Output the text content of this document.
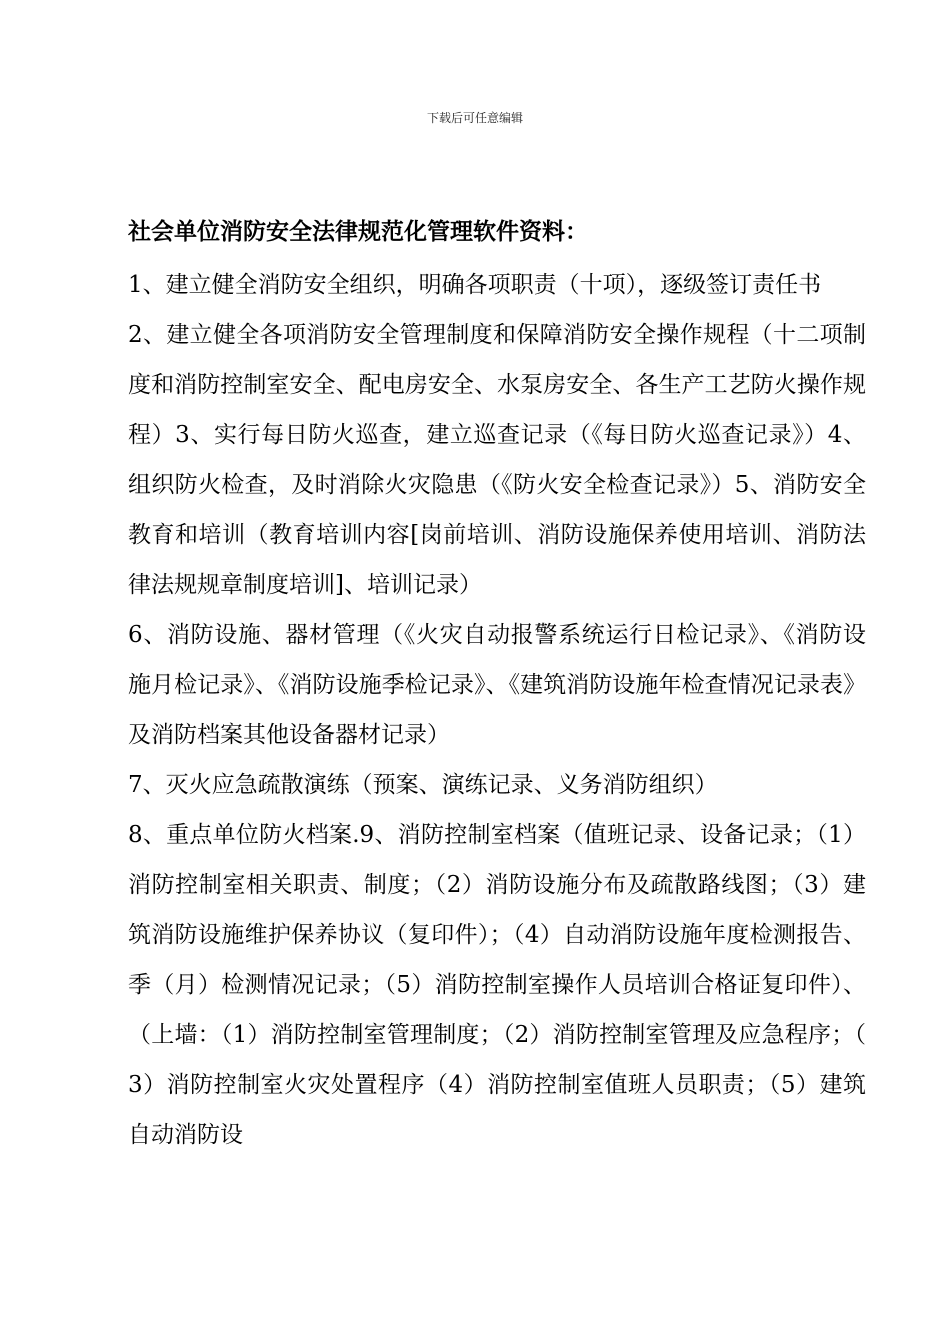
下载后可任意编辑
社会单位消防安全法律规范化管理软件资料：

1、建立健全消防安全组织，明确各项职责（十项），逐级签订责任书

2、建立健全各项消防安全管理制度和保障消防安全操作规程（十二项制度和消防控制室安全、配电房安全、水泵房安全、各生产工艺防火操作规程）3、实行每日防火巡查，建立巡查记录（《每日防火巡查记录》）4、组织防火检查，及时消除火灾隐患（《防火安全检查记录》）5、消防安全教育和培训（教育培训内容[岗前培训、消防设施保养使用培训、消防法律法规规章制度培训]、培训记录）

6、消防设施、器材管理（《火灾自动报警系统运行日检记录》、《消防设施月检记录》、《消防设施季检记录》、《建筑消防设施年检查情况记录表》及消防档案其他设备器材记录）

7、灭火应急疏散演练（预案、演练记录、义务消防组织）

8、重点单位防火档案.9、消防控制室档案（值班记录、设备记录；（1）消防控制室相关职责、制度；（2）消防设施分布及疏散路线图；（3）建筑消防设施维护保养协议（复印件）；（4）自动消防设施年度检测报告、季（月）检测情况记录；（5）消防控制室操作人员培训合格证复印件）、（上墙：（1）消防控制室管理制度；（2）消防控制室管理及应急程序；（3）消防控制室火灾处置程序（4）消防控制室值班人员职责；（5）建筑自动消防设
